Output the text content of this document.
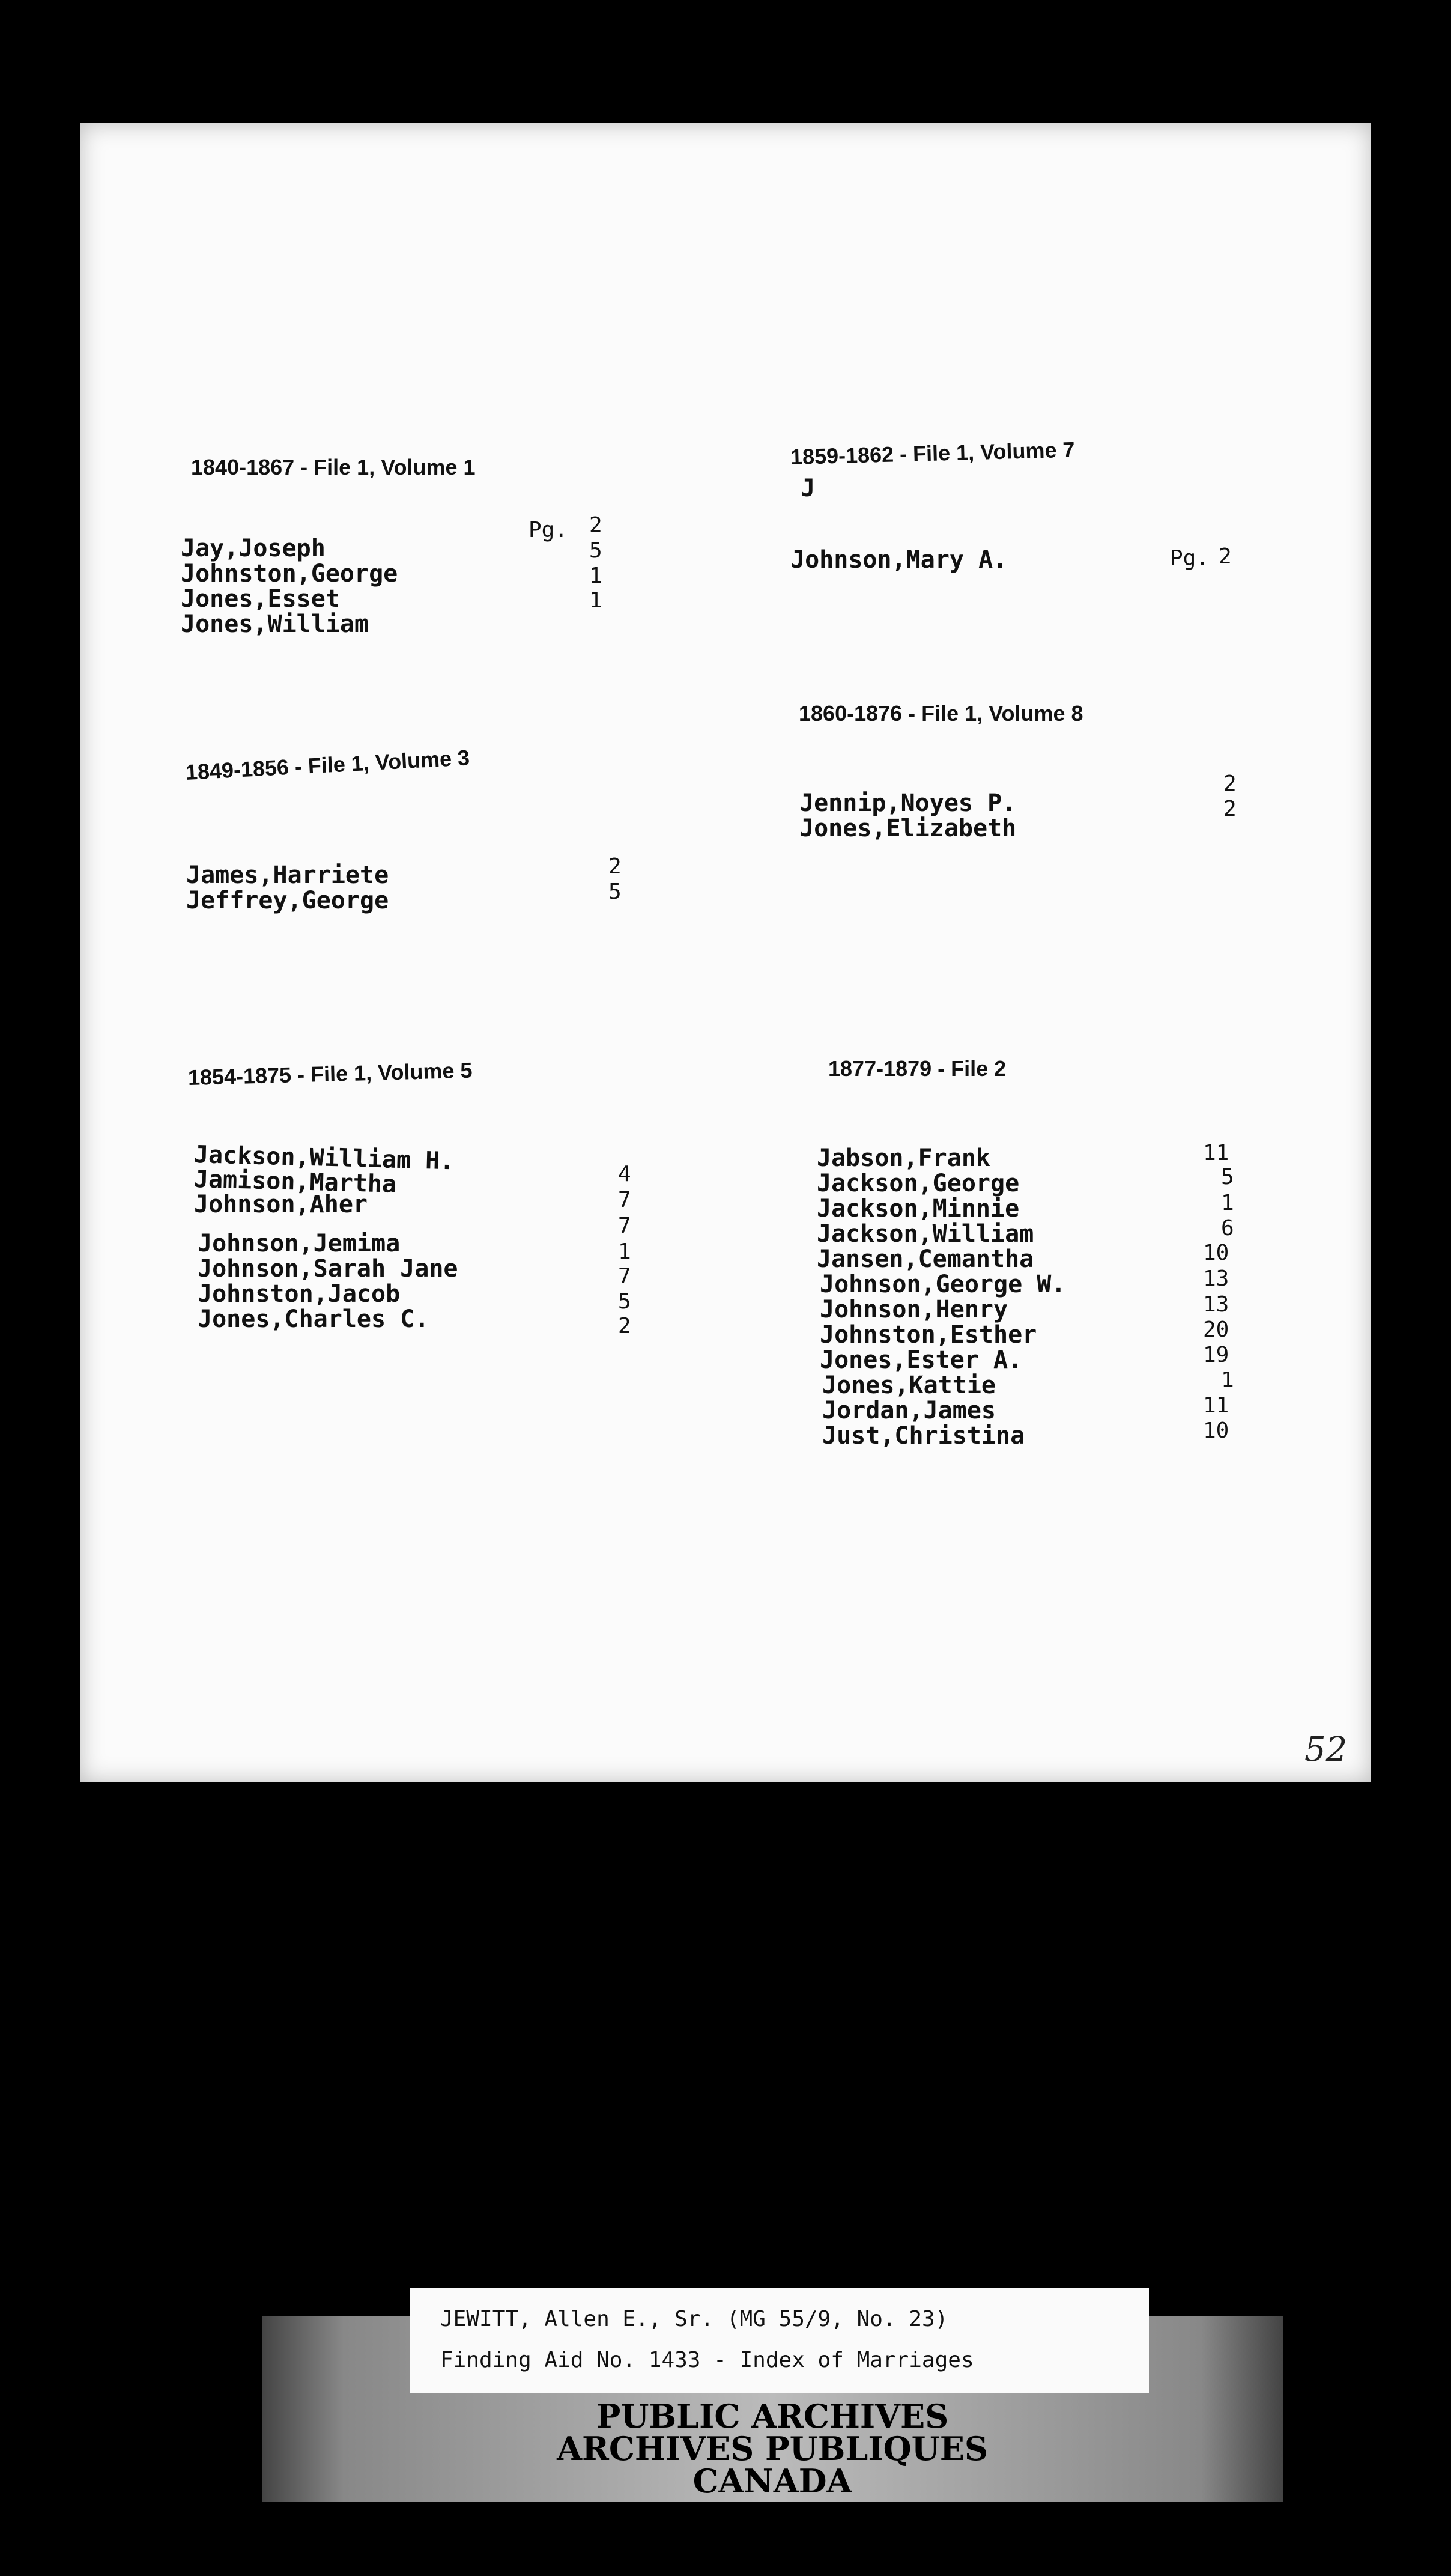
J
1840-1867 - File 1, Volume 1
Pg. 2
5
1
1
Jay,Joseph
Johnston,George
Jones,Esset
Jones,William
1849-1856 - File 1, Volume 3
James,Harriete
Jeffrey,George
2
5
1854-1875 - File 1, Volume 5
Jackson,William H.
Jamison,Martha
Johnson,Aher
Johnson,Jemima
Johnson,Sarah Jane
Johnston,Jacob
Jones,Charles C.
4
7
7
1
7
5
2
1859-1862 - File 1, Volume 7
Johnson,Mary A.	Pg. 2
1860-1876 - File 1, Volume 8
Jennip,Noyes P.
Jones,Elizabeth
2
2
1877-1879 - File 2
Jabson,Frank
Jackson,George
Jackson,Minnie
Jackson,William
Jansen,Cemantha
Johnson,George W.
Johnson,Henry
Johnston,Esther
Jones,Ester A.
Jones,Kattie
Jordan,James
Just,Christina
11
5
1
6
10
13
13
20
19
1
11
10
52
JEWITT, Allen E., Sr. (MG 55/9, No. 23)
Finding Aid No. 1433 - Index of Marriages
PUBLIC ARCHIVES
ARCHIVES PUBLIQUES
CANADA
